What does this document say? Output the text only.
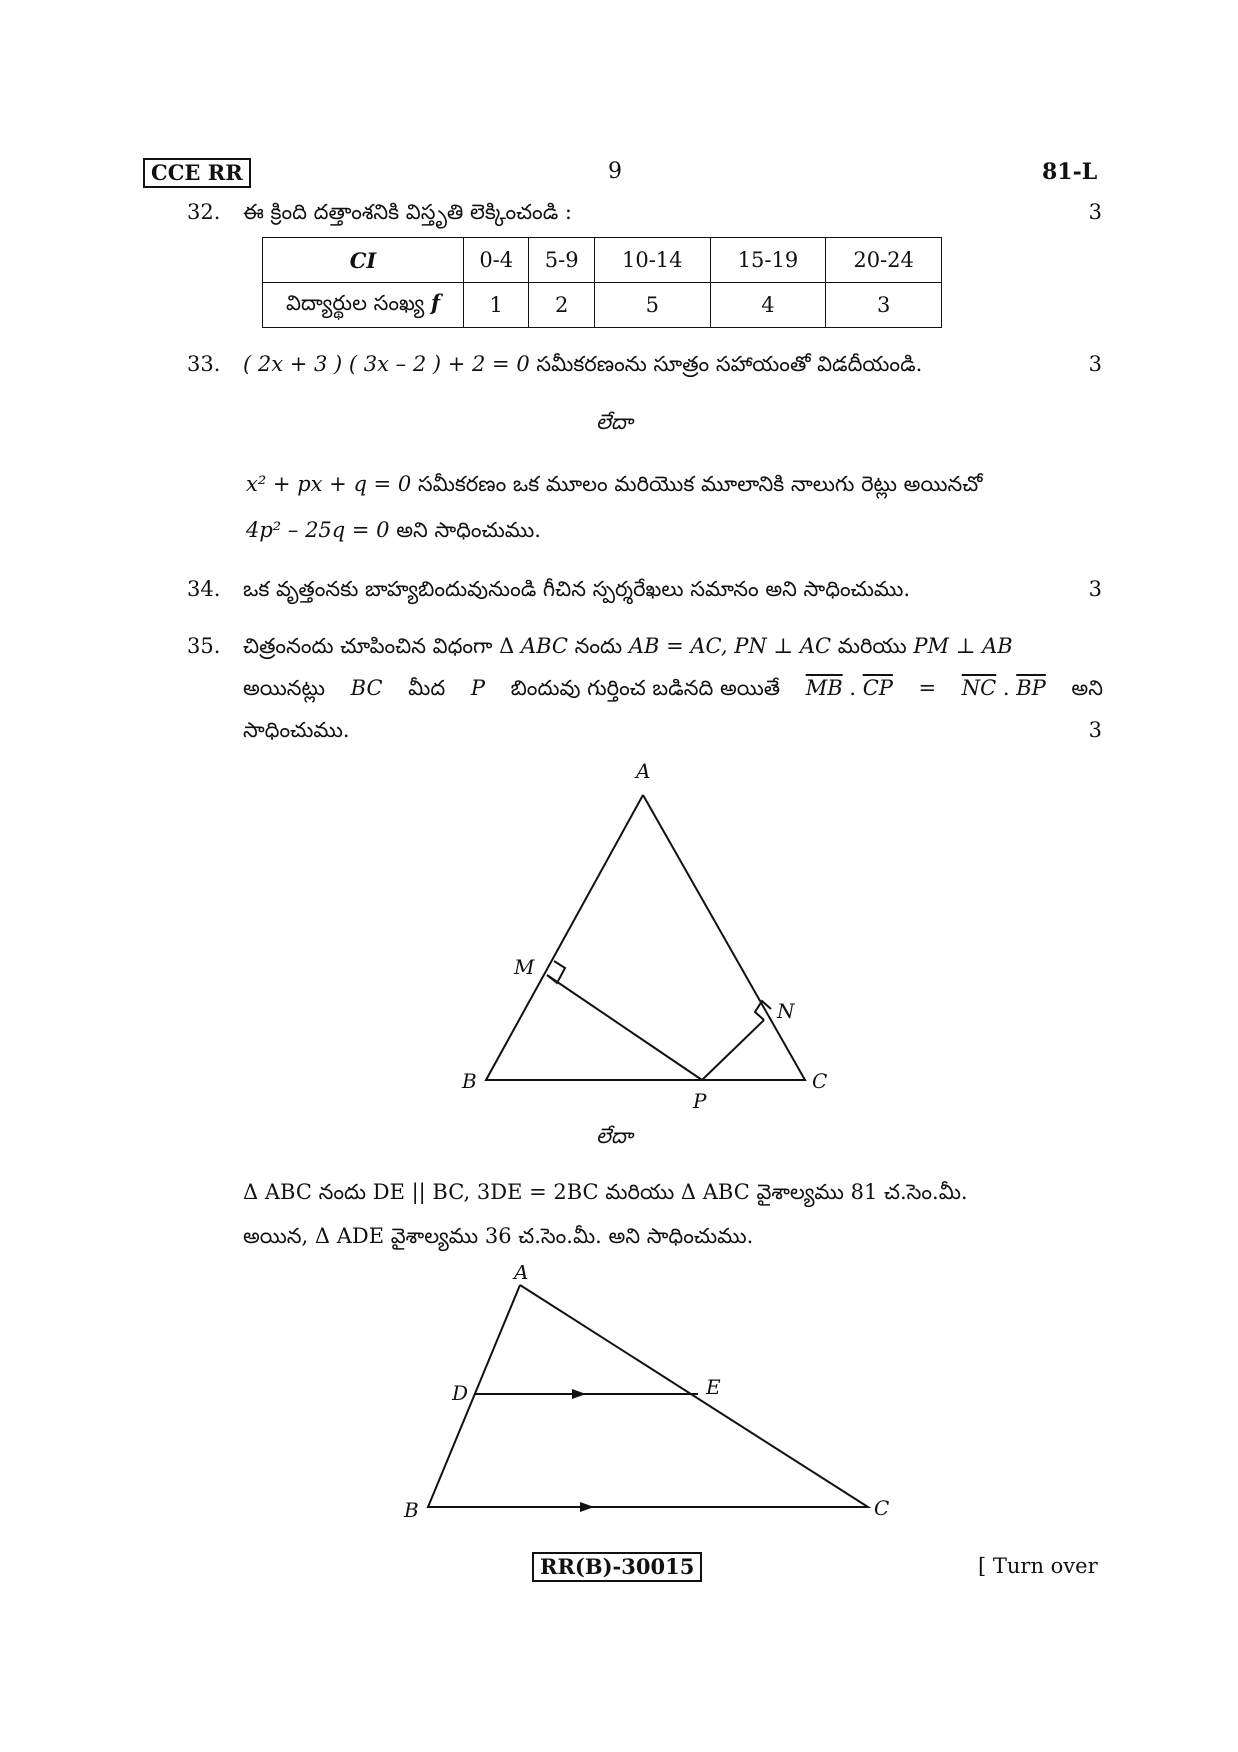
CCE RR	9	81-L
32. ఈ క్రింది దత్తాంశనికి విస్తృతి లెక్కించండి :	3
CI	0-4	5-9	10-14	15-19	20-24
విద్యార్థుల సంఖ్య f	1	2	5	4	3
33. ( 2x + 3 ) ( 3x – 2 ) + 2 = 0 సమీకరణంను సూత్రం సహాయంతో విడదీయండి.	3
లేదా
x² + px + q = 0 సమీకరణం ఒక మూలం మరియొక మూలానికి నాలుగు రెట్లు అయినచో
4p² – 25q = 0 అని సాధించుము.
34. ఒక వృత్తంనకు బాహ్యబిందువునుండి గీచిన స్పర్శరేఖలు సమానం అని సాధించుము.	3
35. చిత్రంనందు చూపించిన విధంగా Δ ABC నందు AB = AC, PN ⊥ AC మరియు PM ⊥ AB
అయినట్లు BC మీద P బిందువు గుర్తించ బడినది అయితే $\overline{MB}$ . $\overline{CP} = \overline{NC}$ . $\overline{BP}$ అని
సాధించుము.	3
A
B	C
M
N
P
లేదా
Δ ABC నందు DE || BC, 3DE = 2BC మరియు Δ ABC వైశాల్యము 81 చ.సెం.మీ.
అయిన, Δ ADE వైశాల్యము 36 చ.సెం.మీ. అని సాధించుము.
A
B	C
D	E
RR(B)-30015	[ Turn over
